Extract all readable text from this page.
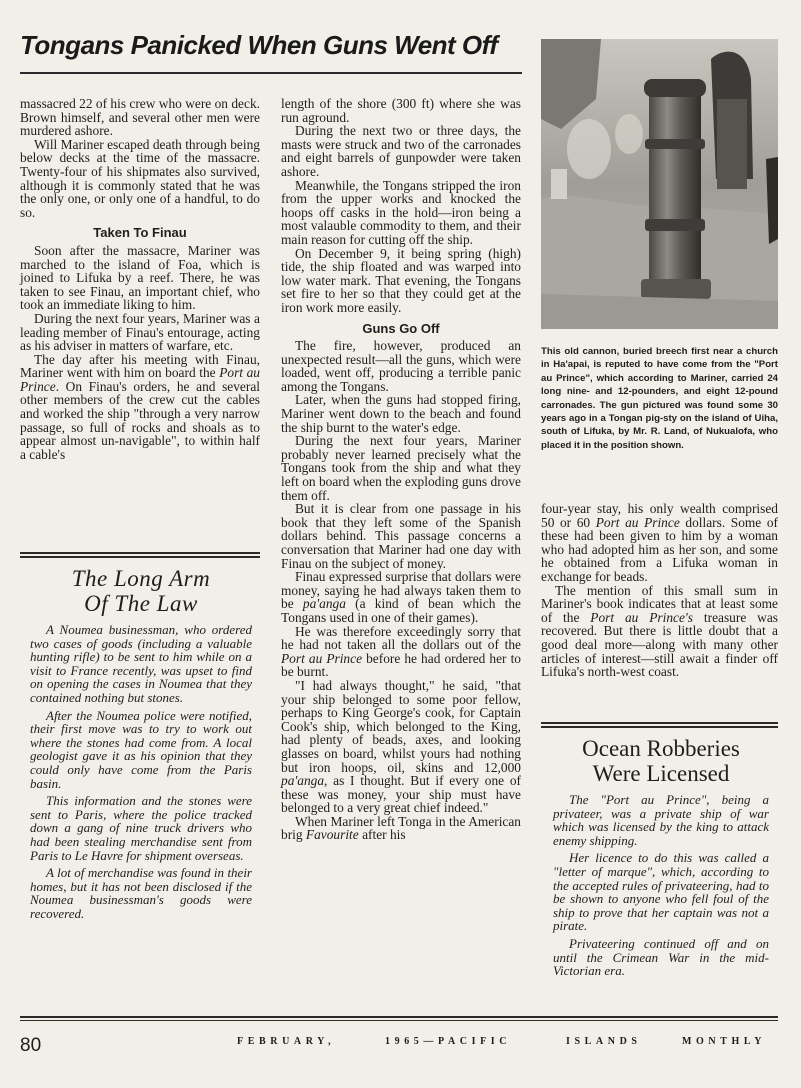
Tongans Panicked When Guns Went Off

massacred 22 of his crew who were on deck. Brown himself, and several other men were murdered ashore.

Will Mariner escaped death through being below decks at the time of the massacre. Twenty-four of his shipmates also survived, although it is commonly stated that he was the only one, or only one of a handful, to do so.

Taken To Finau

Soon after the massacre, Mariner was marched to the island of Foa, which is joined to Lifuka by a reef. There, he was taken to see Finau, an important chief, who took an immediate liking to him.

During the next four years, Mariner was a leading member of Finau's entourage, acting as his adviser in matters of warfare, etc.

The day after his meeting with Finau, Mariner went with him on board the Port au Prince. On Finau's orders, he and several other members of the crew cut the cables and worked the ship "through a very narrow passage, so full of rocks and shoals as to appear almost un-navigable", to within half a cable's

The Long Arm
Of The Law

A Noumea businessman, who ordered two cases of goods (including a valuable hunting rifle) to be sent to him while on a visit to France recently, was upset to find on opening the cases in Noumea that they contained nothing but stones.

After the Noumea police were notified, their first move was to try to work out where the stones had come from. A local geologist gave it as his opinion that they could only have come from the Paris basin.

This information and the stones were sent to Paris, where the police tracked down a gang of nine truck drivers who had been stealing merchandise sent from Paris to Le Havre for shipment overseas.

A lot of merchandise was found in their homes, but it has not been disclosed if the Noumea businessman's goods were recovered.

length of the shore (300 ft) where she was run aground.

During the next two or three days, the masts were struck and two of the carronades and eight barrels of gunpowder were taken ashore.

Meanwhile, the Tongans stripped the iron from the upper works and knocked the hoops off casks in the hold—iron being a most valauble commodity to them, and their main reason for cutting off the ship.

On December 9, it being spring (high) tide, the ship floated and was warped into low water mark. That evening, the Tongans set fire to her so that they could get at the iron work more easily.

Guns Go Off

The fire, however, produced an unexpected result—all the guns, which were loaded, went off, producing a terrible panic among the Tongans.

Later, when the guns had stopped firing, Mariner went down to the beach and found the ship burnt to the water's edge.

During the next four years, Mariner probably never learned precisely what the Tongans took from the ship and what they left on board when the exploding guns drove them off.

But it is clear from one passage in his book that they left some of the Spanish dollars behind. This passage concerns a conversation that Mariner had one day with Finau on the subject of money.

Finau expressed surprise that dollars were money, saying he had always taken them to be pa'anga (a kind of bean which the Tongans used in one of their games).

He was therefore exceedingly sorry that he had not taken all the dollars out of the Port au Prince before he had ordered her to be burnt.

"I had always thought," he said, "that your ship belonged to some poor fellow, perhaps to King George's cook, for Captain Cook's ship, which belonged to the King, had plenty of beads, axes, and looking glasses on board, whilst yours had nothing but iron hoops, oil, skins and 12,000 pa'anga, as I thought. But if every one of these was money, your ship must have belonged to a very great chief indeed."

When Mariner left Tonga in the American brig Favourite after his

This old cannon, buried breech first near a church in Ha'apai, is reputed to have come from the "Port au Prince", which according to Mariner, carried 24 long nine- and 12-pounders, and eight 12-pound carronades. The gun pictured was found some 30 years ago in a Tongan pig-sty on the island of Uiha, south of Lifuka, by Mr. R. Land, of Nukualofa, who placed it in the position shown.

four-year stay, his only wealth comprised 50 or 60 Port au Prince dollars. Some of these had been given to him by a woman who had adopted him as her son, and some he obtained from a Lifuka woman in exchange for beads.

The mention of this small sum in Mariner's book indicates that at least some of the Port au Prince's treasure was recovered. But there is little doubt that a good deal more—along with many other articles of interest—still await a finder off Lifuka's north-west coast.

Ocean Robberies
Were Licensed

The "Port au Prince", being a privateer, was a private ship of war which was licensed by the king to attack enemy shipping.

Her licence to do this was called a "letter of marque", which, according to the accepted rules of privateering, had to be shown to anyone who fell foul of the ship to prove that her captain was not a pirate.

Privateering continued off and on until the Crimean War in the mid-Victorian era.

80	FEBRUARY,	1965—PACIFIC	ISLANDS	MONTHLY
